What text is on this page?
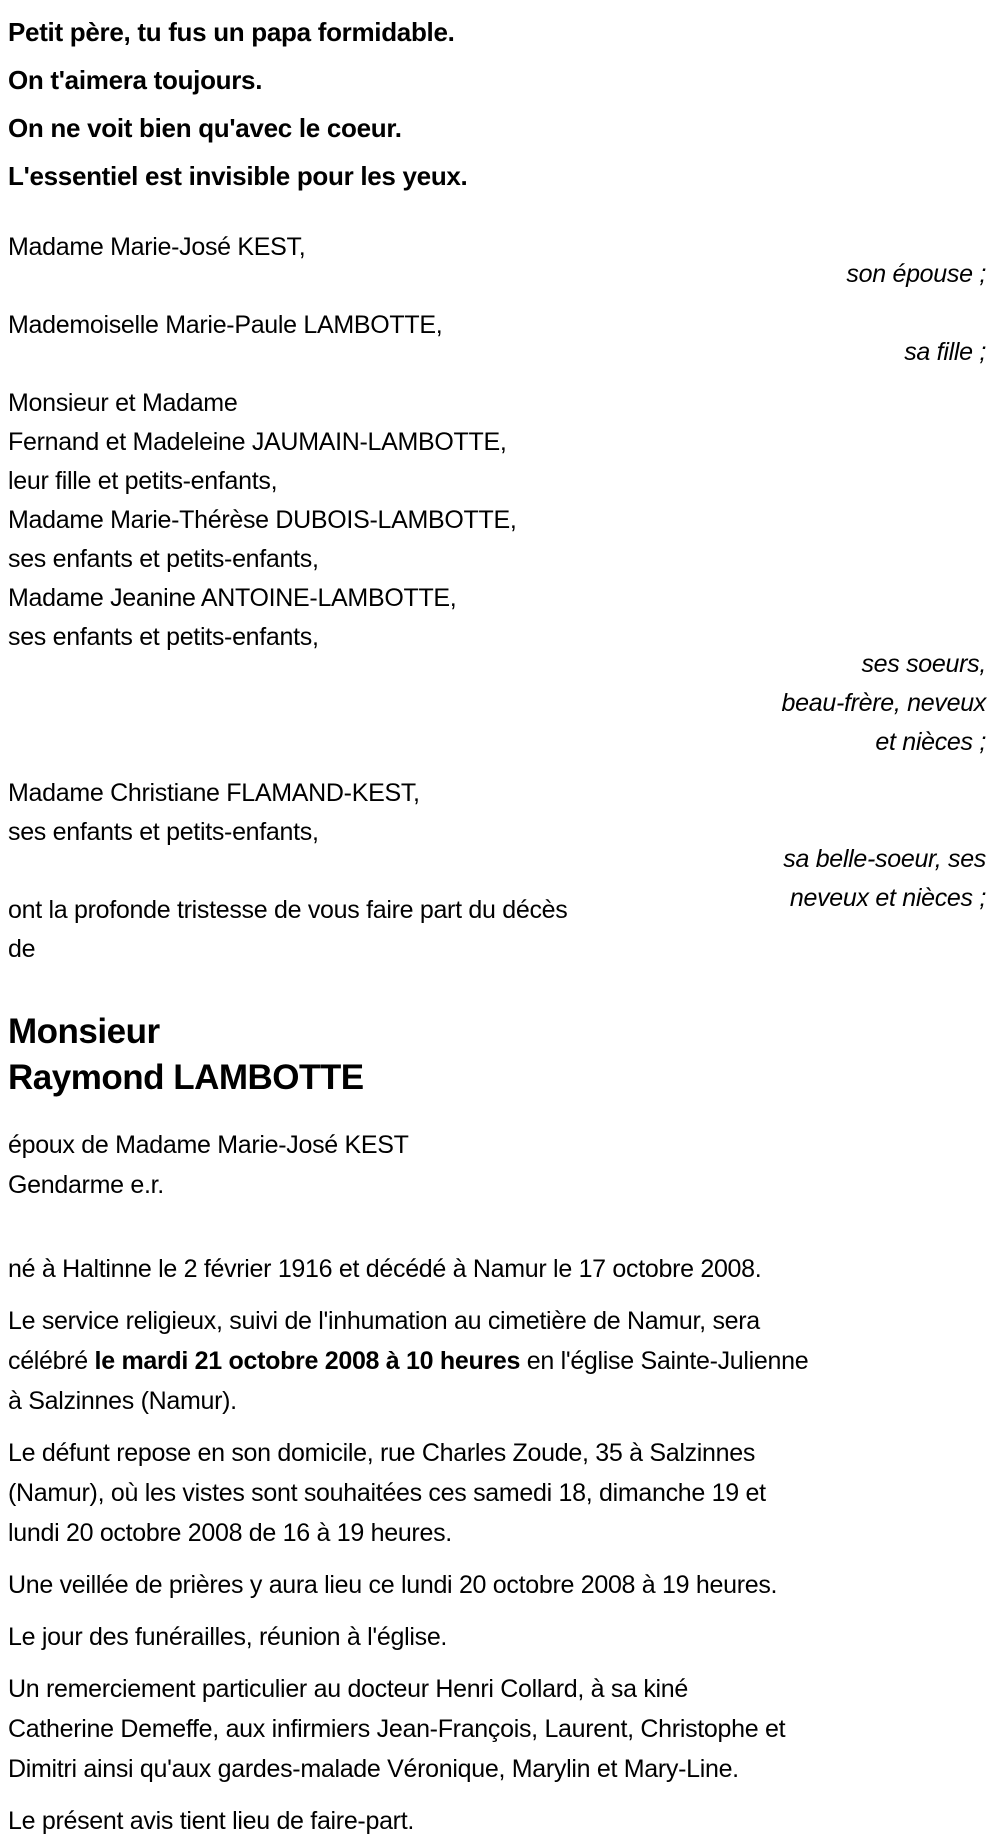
Petit père, tu fus un papa formidable.

On t'aimera toujours.

On ne voit bien qu'avec le coeur.

L'essentiel est invisible pour les yeux.

Madame Marie-José KEST,

son épouse ;

Mademoiselle Marie-Paule LAMBOTTE,

sa fille ;

Monsieur et Madame

Fernand et Madeleine JAUMAIN-LAMBOTTE,

leur fille et petits-enfants,

Madame Marie-Thérèse DUBOIS-LAMBOTTE,

ses enfants et petits-enfants,

Madame Jeanine ANTOINE-LAMBOTTE,

ses enfants et petits-enfants,

ses soeurs,

beau-frère, neveux

et nièces ;

Madame Christiane FLAMAND-KEST,

ses enfants et petits-enfants,

sa belle-soeur, ses

neveux et nièces ;

ont la profonde tristesse de vous faire part du décès

de

Monsieur

Raymond LAMBOTTE

époux de Madame Marie-José KEST

Gendarme e.r.

né à Haltinne le 2 février 1916 et décédé à Namur le 17 octobre 2008.

Le service religieux, suivi de l'inhumation au cimetière de Namur, sera

célébré le mardi 21 octobre 2008 à 10 heures en l'église Sainte-Julienne

à Salzinnes (Namur).

Le défunt repose en son domicile, rue Charles Zoude, 35 à Salzinnes

(Namur), où les vistes sont souhaitées ces samedi 18, dimanche 19 et

lundi 20 octobre 2008 de 16 à 19 heures.

Une veillée de prières y aura lieu ce lundi 20 octobre 2008 à 19 heures.

Le jour des funérailles, réunion à l'église.

Un remerciement particulier au docteur Henri Collard, à sa kiné

Catherine Demeffe, aux infirmiers Jean-François, Laurent, Christophe et

Dimitri ainsi qu'aux gardes-malade Véronique, Marylin et Mary-Line.

Le présent avis tient lieu de faire-part.
